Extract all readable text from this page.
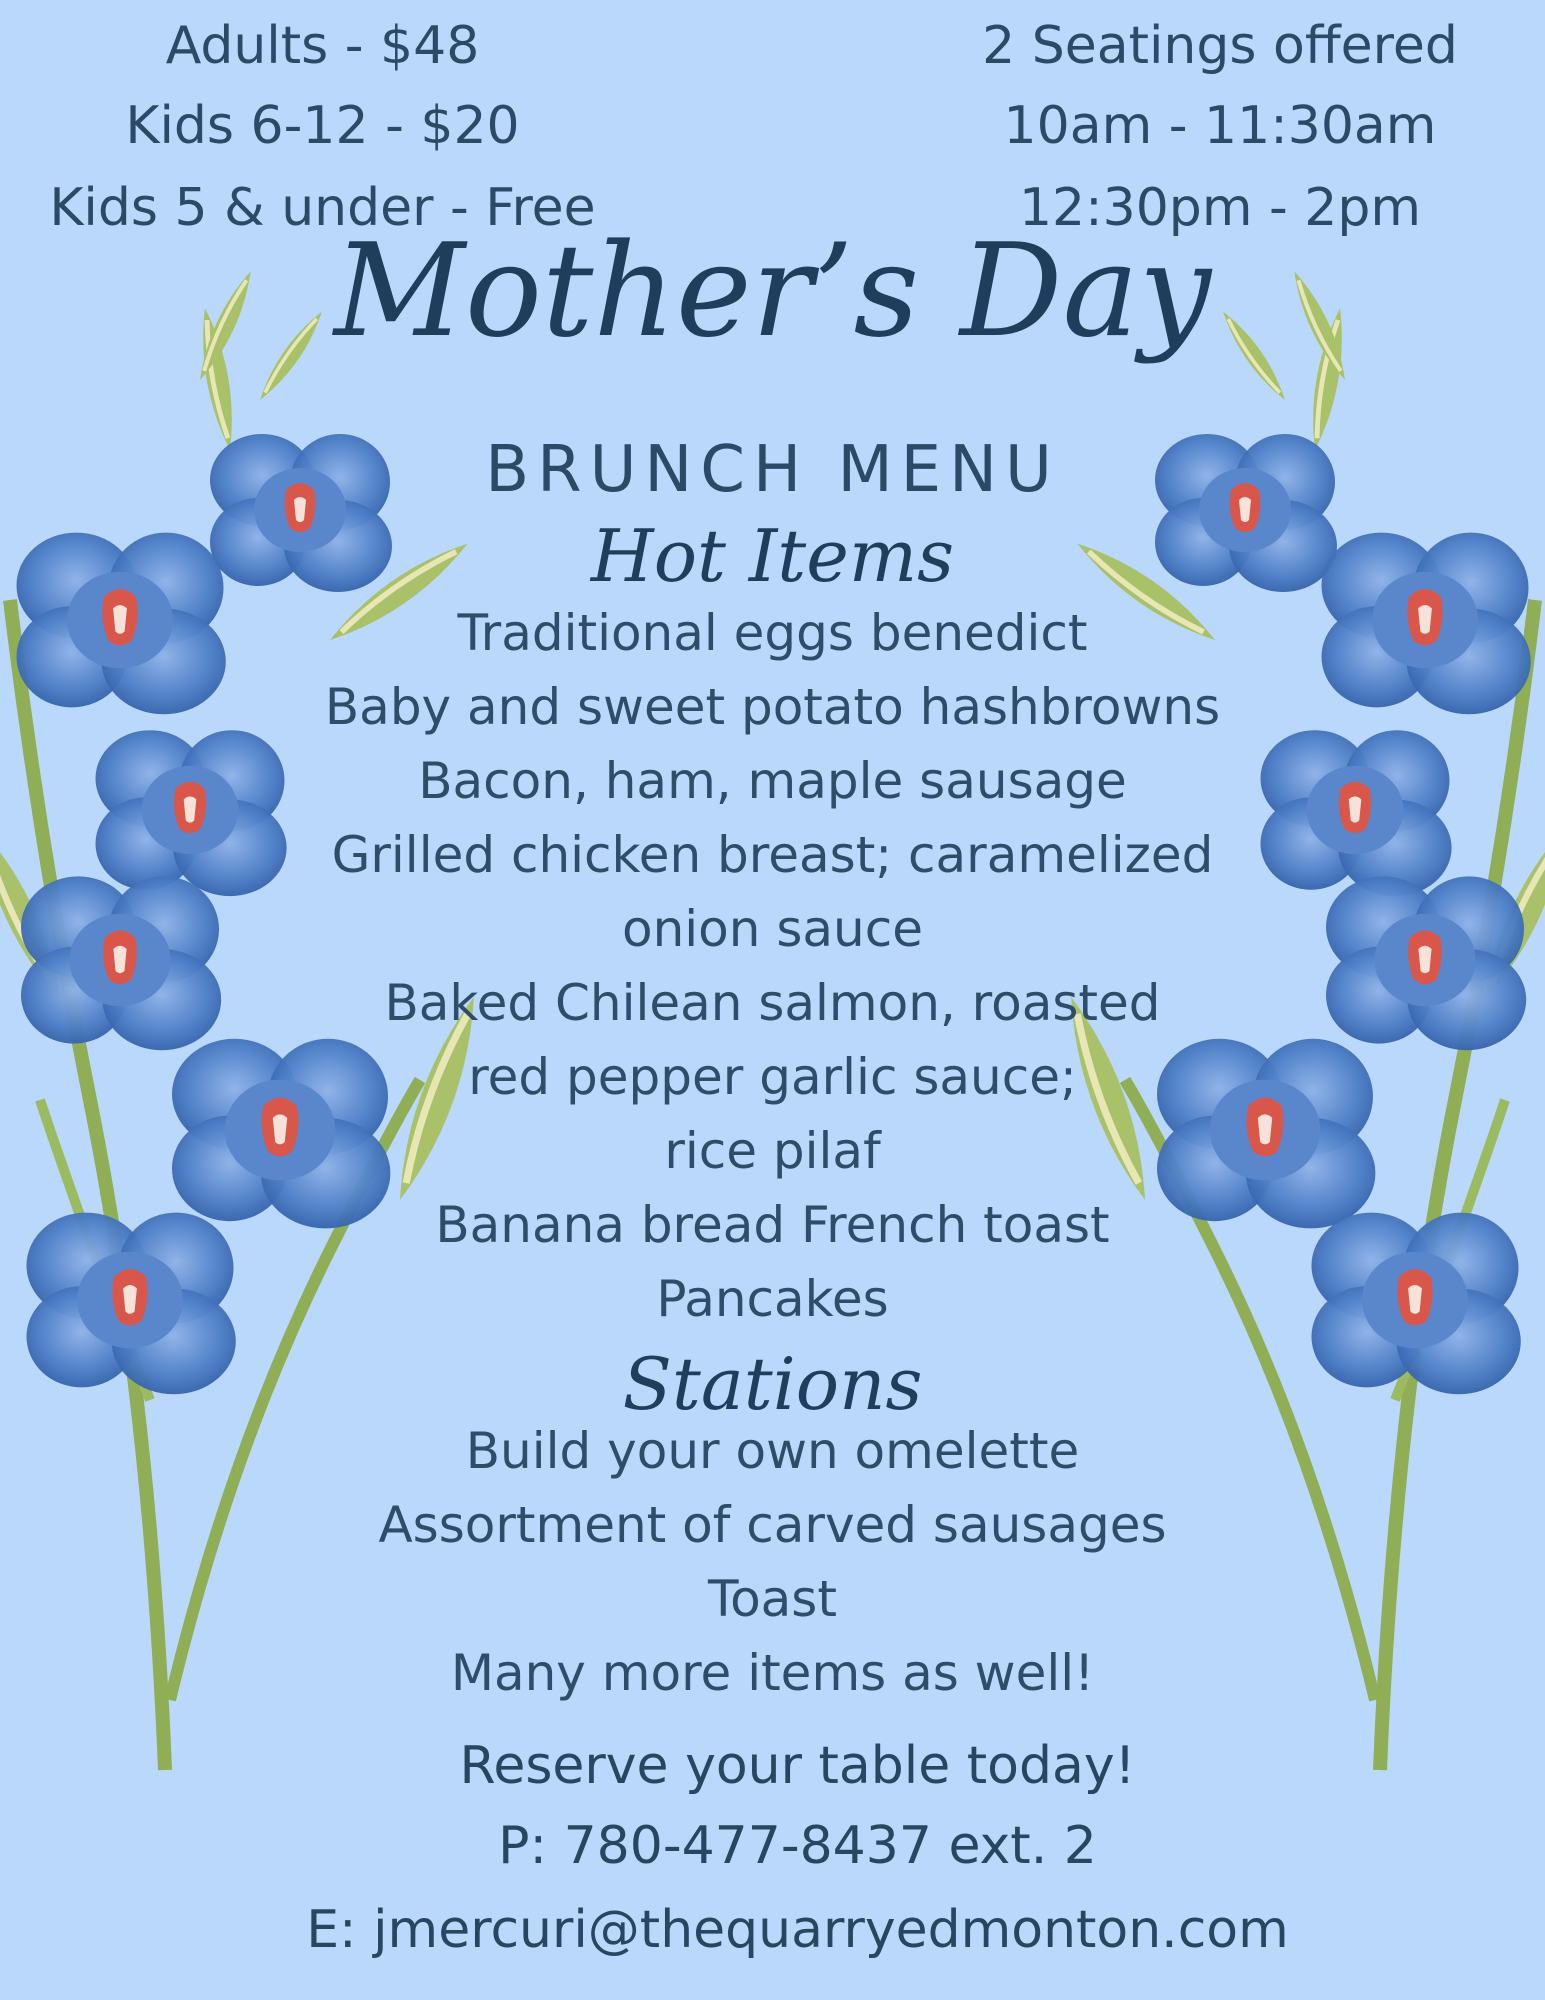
Adults - $48
Kids 6-12 - $20
Kids 5 & under - Free
2 Seatings offered
10am - 11:30am
12:30pm - 2pm
Mother’s Day
BRUNCH MENU
Hot Items
Traditional eggs benedict
Baby and sweet potato hashbrowns
Bacon, ham, maple sausage
Grilled chicken breast; caramelized
onion sauce
Baked Chilean salmon, roasted
red pepper garlic sauce;
rice pilaf
Banana bread French toast
Pancakes
Stations
Build your own omelette
Assortment of carved sausages
Toast
Many more items as well!
Reserve your table today!
P: 780-477-8437 ext. 2
E: jmercuri@thequarryedmonton.com
